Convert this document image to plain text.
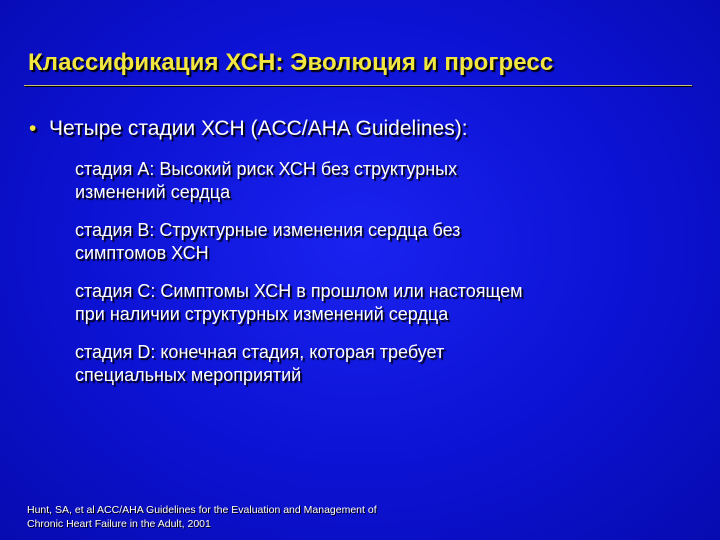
Классификация ХСН: Эволюция и прогресс
• Четыре стадии ХСН (ACC/AHA Guidelines):
стадия A: Высокий риск ХСН без структурных
изменений сердца
стадия B: Структурные изменения сердца без
симптомов ХСН
стадия C: Симптомы ХСН в прошлом или настоящем
при наличии структурных изменений сердца
стадия D: конечная стадия, которая требует
специальных мероприятий
Hunt, SA, et al ACC/AHA Guidelines for the Evaluation and Management of
Chronic Heart Failure in the Adult, 2001
